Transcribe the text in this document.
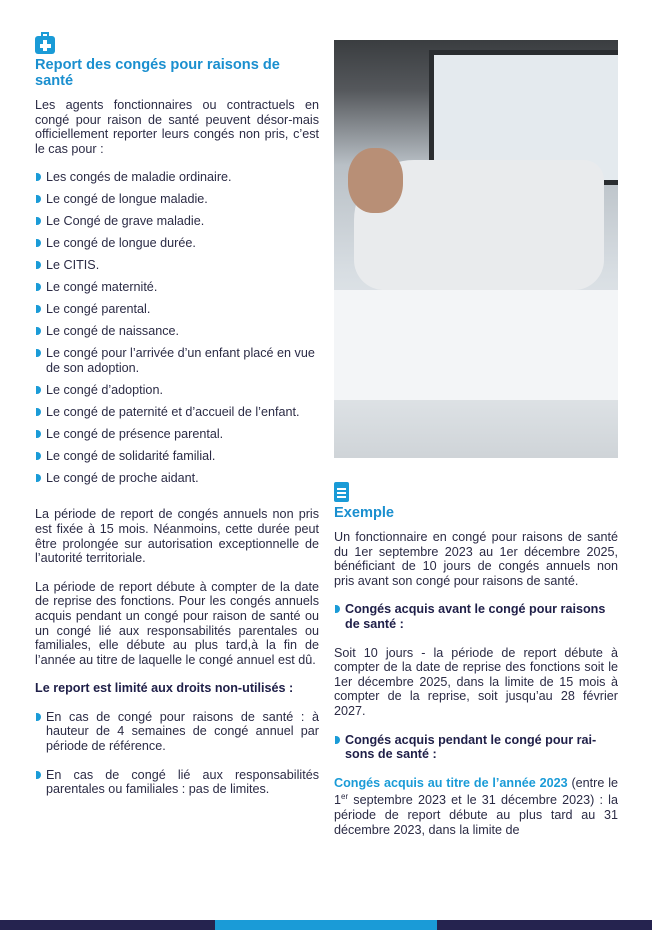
Report des congés pour raisons de santé

Les agents fonctionnaires ou contractuels en congé pour raison de santé peuvent désor-mais officiellement reporter leurs congés non pris, c’est le cas pour :

Les congés de maladie ordinaire.
Le congé de longue maladie.
Le Congé de grave maladie.
Le congé de longue durée.
Le CITIS.
Le congé maternité.
Le congé parental.
Le congé de naissance.
Le congé pour l’arrivée d’un enfant placé en vue de son adoption.
Le congé d’adoption.
Le congé de paternité et d’accueil de l’enfant.
Le congé de présence parental.
Le congé de solidarité familial.
Le congé de proche aidant.

La période de report de congés annuels non pris est fixée à 15 mois. Néanmoins, cette durée peut être prolongée sur autorisation exceptionnelle de l’autorité territoriale.

La période de report débute à compter de la date de reprise des fonctions. Pour les congés annuels acquis pendant un congé pour raison de santé ou un congé lié aux responsabilités parentales ou familiales, elle débute au plus tard,à la fin de l’année au titre de laquelle le congé annuel est dû.

Le report est limité aux droits non-utilisés :

En cas de congé pour raisons de santé : à hauteur de 4 semaines de congé annuel par période de référence.
En cas de congé lié aux responsabilités parentales ou familiales : pas de limites.
Exemple

Un fonctionnaire en congé pour raisons de santé du 1er septembre 2023 au 1er décembre 2025, bénéficiant de 10 jours de congés annuels non pris avant son congé pour raisons de santé.

Congés acquis avant le congé pour raisons de santé :

Soit 10 jours - la période de report débute à compter de la date de reprise des fonctions soit le 1er décembre 2025, dans la limite de 15 mois à compter de la reprise, soit jusqu’au 28 février 2027.

Congés acquis pendant le congé pour rai-sons de santé :

Congés acquis au titre de l’année 2023 (entre le 1er septembre 2023 et le 31 décembre 2023) : la période de report débute au plus tard au 31 décembre 2023, dans la limite de
